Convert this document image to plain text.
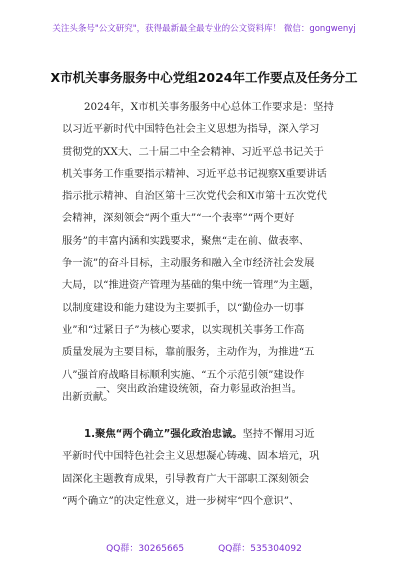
关注头条号"公文研究"，获得最新最全最专业的公文资料库！ 微信：gongwenyj
X市机关事务服务中心党组2024年工作要点及任务分工
2024年，X市机关事务服务中心总体工作要求是：坚持
以习近平新时代中国特色社会主义思想为指导，深入学习
贯彻党的XX大、二十届二中全会精神、习近平总书记关于
机关事务工作重要指示精神、习近平总书记视察X重要讲话
指示批示精神、自治区第十三次党代会和X市第十五次党代
会精神，深刻领会“两个重大”“一个表率”“两个更好
服务”的丰富内涵和实践要求，聚焦“走在前、做表率、
争一流”的奋斗目标，主动服务和融入全市经济社会发展
大局，以“推进资产管理为基础的集中统一管理”为主题，
以制度建设和能力建设为主要抓手，以“勤俭办一切事
业”和“过紧日子”为核心要求，以实现机关事务工作高
质量发展为主要目标，靠前服务，主动作为，为推进“五
八”强首府战略目标顺利实施、“五个示范引领”建设作
出新贡献。
一、突出政治建设统领，奋力彰显政治担当。
1.聚焦“两个确立”强化政治忠诚。坚持不懈用习近
平新时代中国特色社会主义思想凝心铸魂、固本培元，巩
固深化主题教育成果，引导教育广大干部职工深刻领会
“两个确立”的决定性意义，进一步树牢“四个意识”、
QQ群：30265665	QQ群：535304092
